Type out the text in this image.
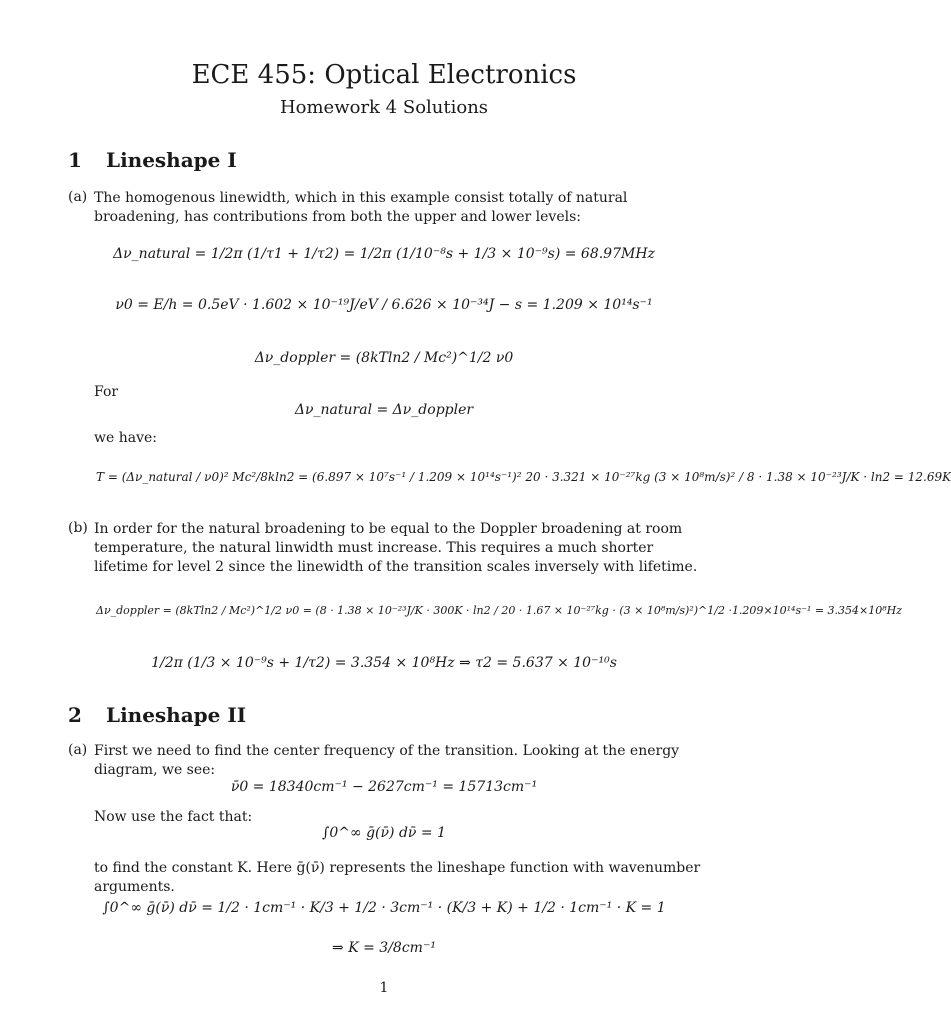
ECE 455: Optical Electronics
Homework 4 Solutions
1 Lineshape I
(a) The homogenous linewidth, which in this example consist totally of natural broadening, has contributions from both the upper and lower levels:
Δν_natural = 1/2π (1/τ1 + 1/τ2) = 1/2π (1/10⁻⁸s + 1/3 × 10⁻⁹s) = 68.97MHz
ν0 = E/h = 0.5eV · 1.602 × 10⁻¹⁹J/eV / 6.626 × 10⁻³⁴J − s = 1.209 × 10¹⁴s⁻¹
Δν_doppler = (8kTln2 / Mc²)^1/2 ν0
For
Δν_natural = Δν_doppler
we have:
T = (Δν_natural / ν0)² Mc²/8kln2 = (6.897 × 10⁷s⁻¹ / 1.209 × 10¹⁴s⁻¹)² 20 · 3.321 × 10⁻²⁷kg (3 × 10⁸m/s)² / 8 · 1.38 × 10⁻²³J/K · ln2 = 12.69K
(b) In order for the natural broadening to be equal to the Doppler broadening at room temperature, the natural linwidth must increase. This requires a much shorter lifetime for level 2 since the linewidth of the transition scales inversely with lifetime.
Δν_doppler = (8kTln2 / Mc²)^1/2 ν0 = (8 · 1.38 × 10⁻²³J/K · 300K · ln2 / 20 · 1.67 × 10⁻²⁷kg · (3 × 10⁸m/s)²)^1/2 ·1.209×10¹⁴s⁻¹ = 3.354×10⁸Hz
1/2π (1/3 × 10⁻⁹s + 1/τ2) = 3.354 × 10⁸Hz ⇒ τ2 = 5.637 × 10⁻¹⁰s
2 Lineshape II
(a) First we need to find the center frequency of the transition. Looking at the energy diagram, we see:
ν̄0 = 18340cm⁻¹ − 2627cm⁻¹ = 15713cm⁻¹
Now use the fact that:
∫0^∞ ḡ(ν̄) dν̄ = 1
to find the constant K. Here ḡ(ν̄) represents the lineshape function with wavenumber arguments.
∫0^∞ ḡ(ν̄) dν̄ = 1/2 · 1cm⁻¹ · K/3 + 1/2 · 3cm⁻¹ · (K/3 + K) + 1/2 · 1cm⁻¹ · K = 1
⇒ K = 3/8cm⁻¹
1
